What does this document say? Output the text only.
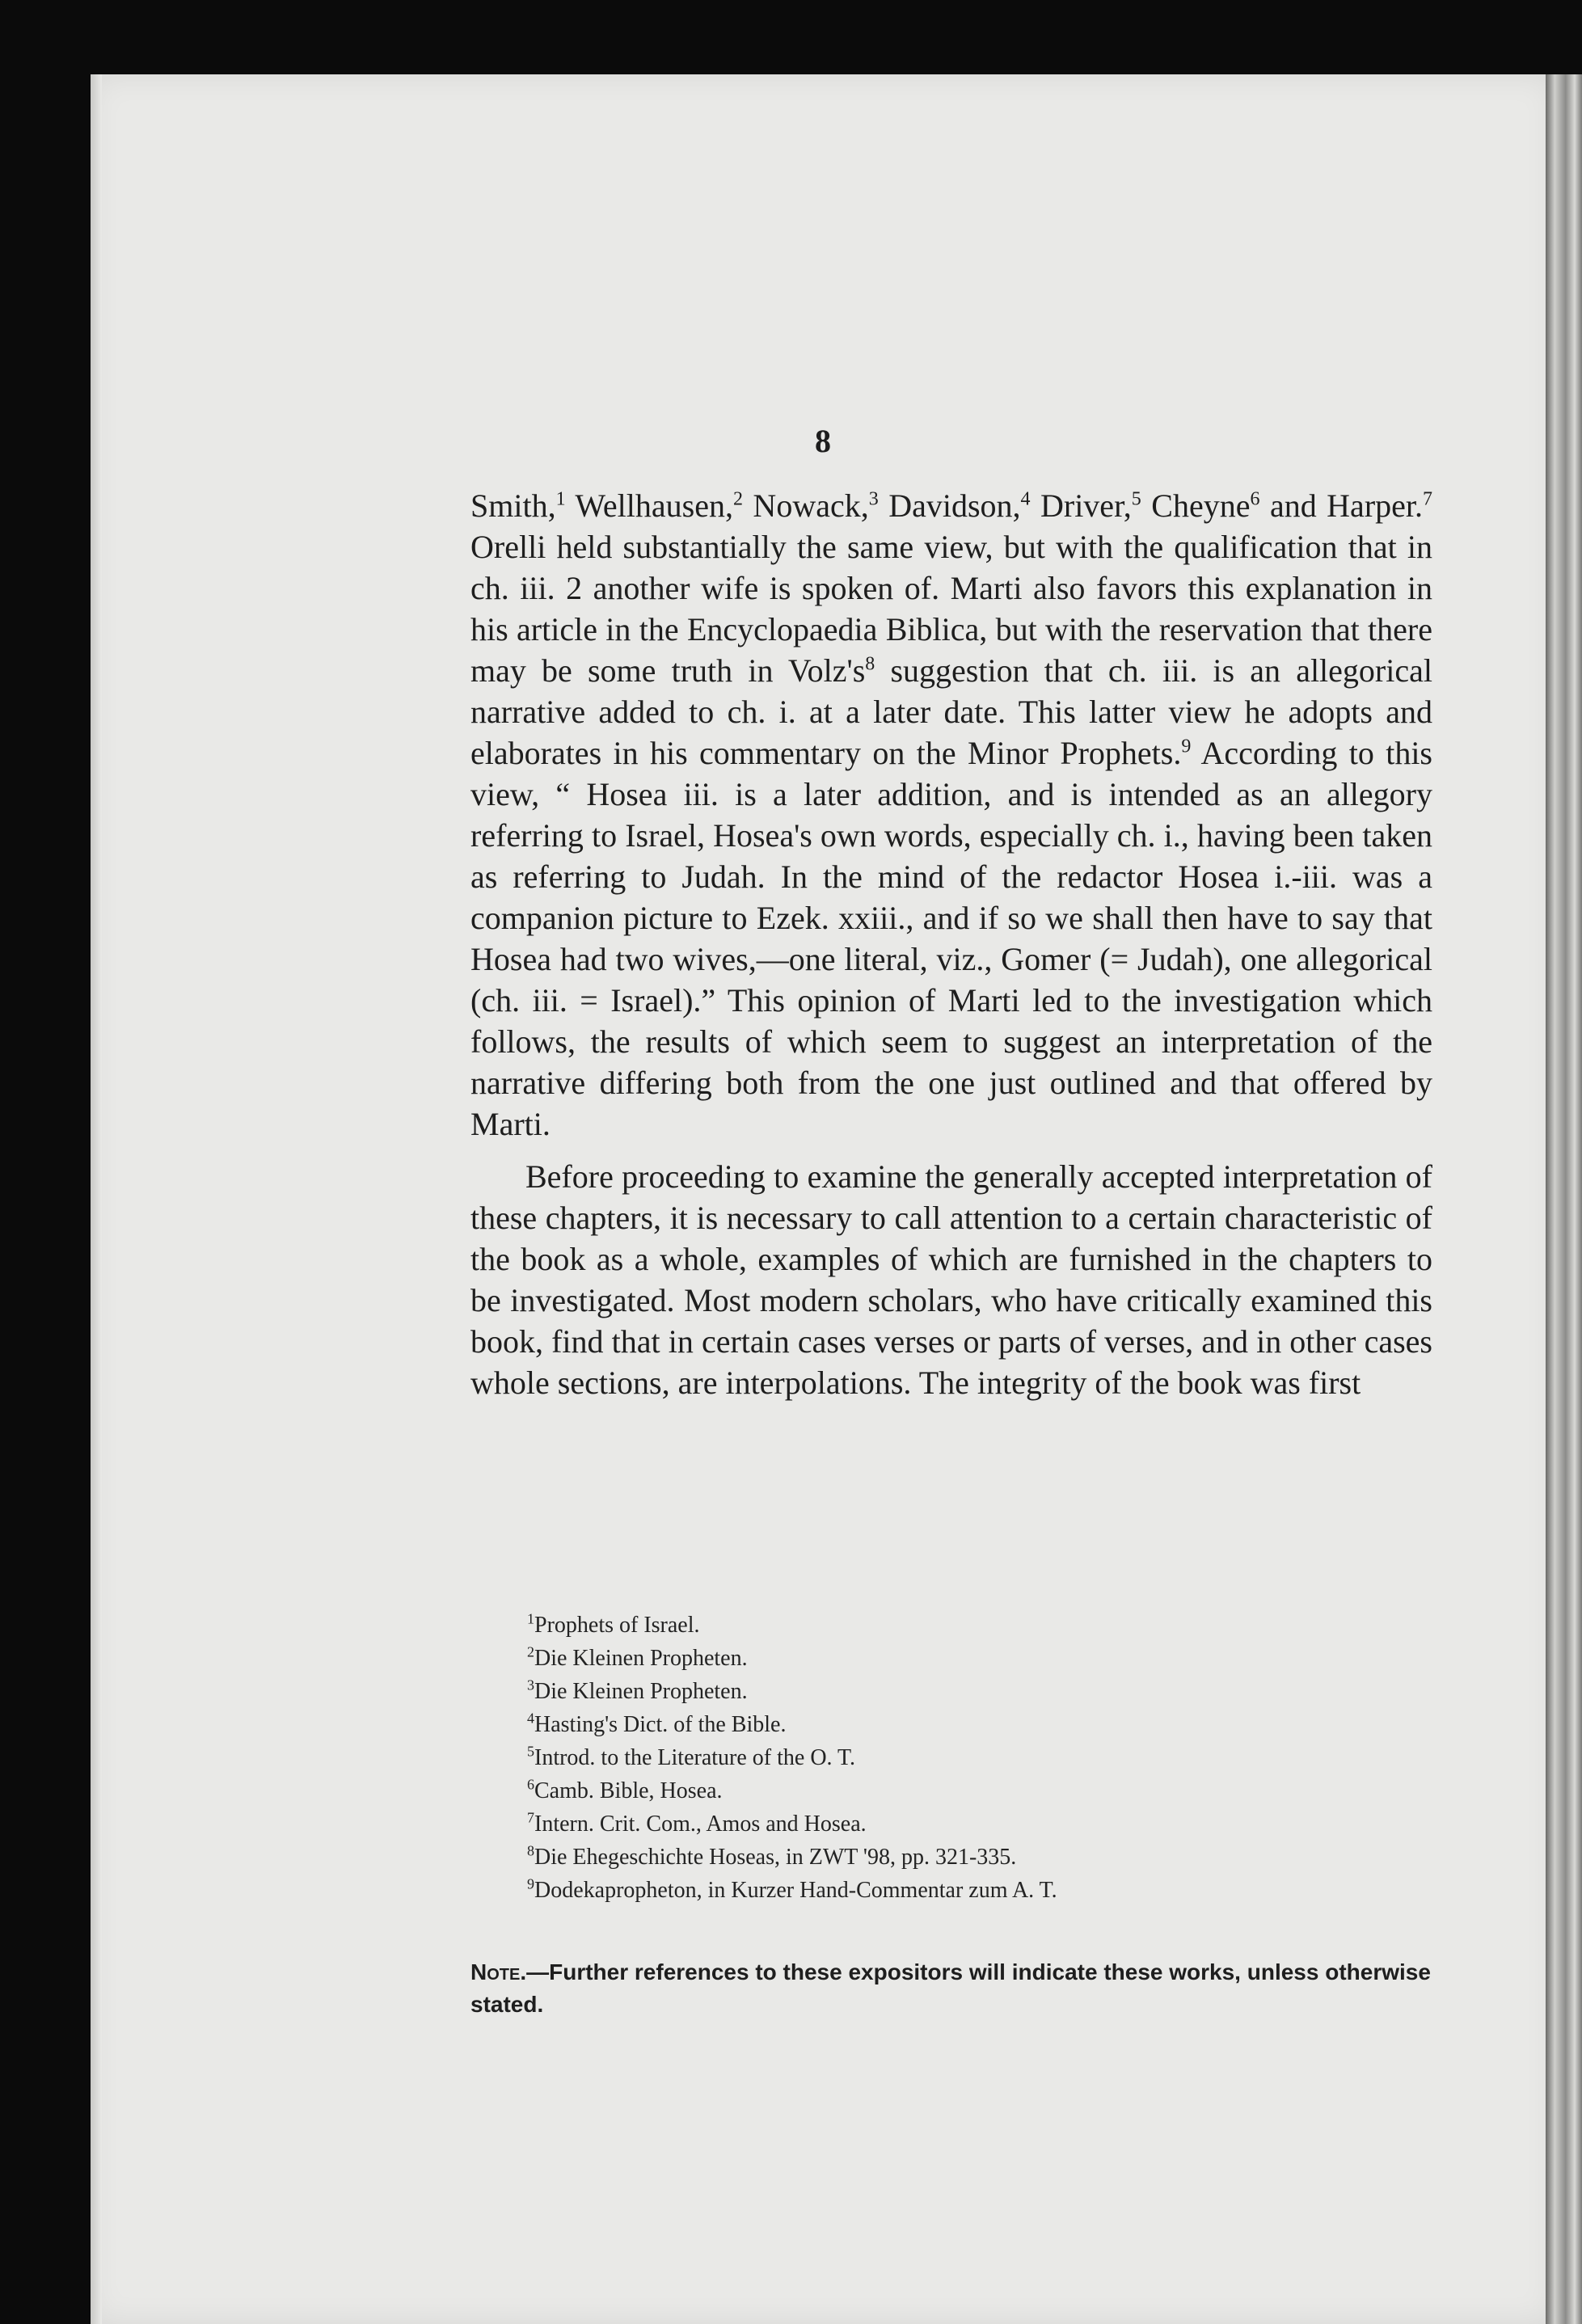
8

Smith,$^1$ Wellhausen,$^2$ Nowack,$^3$ Davidson,$^4$ Driver,$^5$ Cheyne$^6$ and Harper.$^7$ Orelli held substantially the same view, but with the qualification that in ch. iii. 2 another wife is spoken of. Marti also favors this explanation in his article in the Encyclopaedia Biblica, but with the reservation that there may be some truth in $Volz's^8$ suggestion that ch. iii. is an allegorical narrative added to ch. i. at a later date. This latter view he adopts and elaborates in his commentary on the Minor Prophets.$^9$ According to this view, “ Hosea iii. is a later addition, and is intended as an allegory referring to Israel, Hosea's own words, especially ch. i., having been taken as referring to Judah. In the mind of the redactor Hosea i.-iii. was a companion picture to Ezek. xxiii., and if so we shall then have to say that Hosea had two wives,—one literal, viz., Gomer (= Judah), one allegorical (ch. iii. = Israel).” This opinion of Marti led to the investigation which follows, the results of which seem to suggest an interpretation of the narrative differing both from the one just outlined and that offered by Marti.

Before proceeding to examine the generally accepted interpretation of these chapters, it is necessary to call attention to a certain characteristic of the book as a whole, examples of which are furnished in the chapters to be investigated. Most modern scholars, who have critically examined this book, find that in certain cases verses or parts of verses, and in other cases whole sections, are interpolations. The integrity of the book was first

$^1$Prophets of Israel.
$^2$Die Kleinen Propheten.
$^3$Die Kleinen Propheten.
$^4$Hasting's Dict. of the Bible.
$^5$Introd. to the Literature of the O. T.
$^6$Camb. Bible, Hosea.
$^7$Intern. Crit. Com., Amos and Hosea.
$^8$Die Ehegeschichte Hoseas, in ZWT '98, pp. 321-335.
$^9$Dodekapropheton, in Kurzer Hand-Commentar zum A. T.
Note.—Further references to these expositors will indicate these works, unless otherwise stated.
